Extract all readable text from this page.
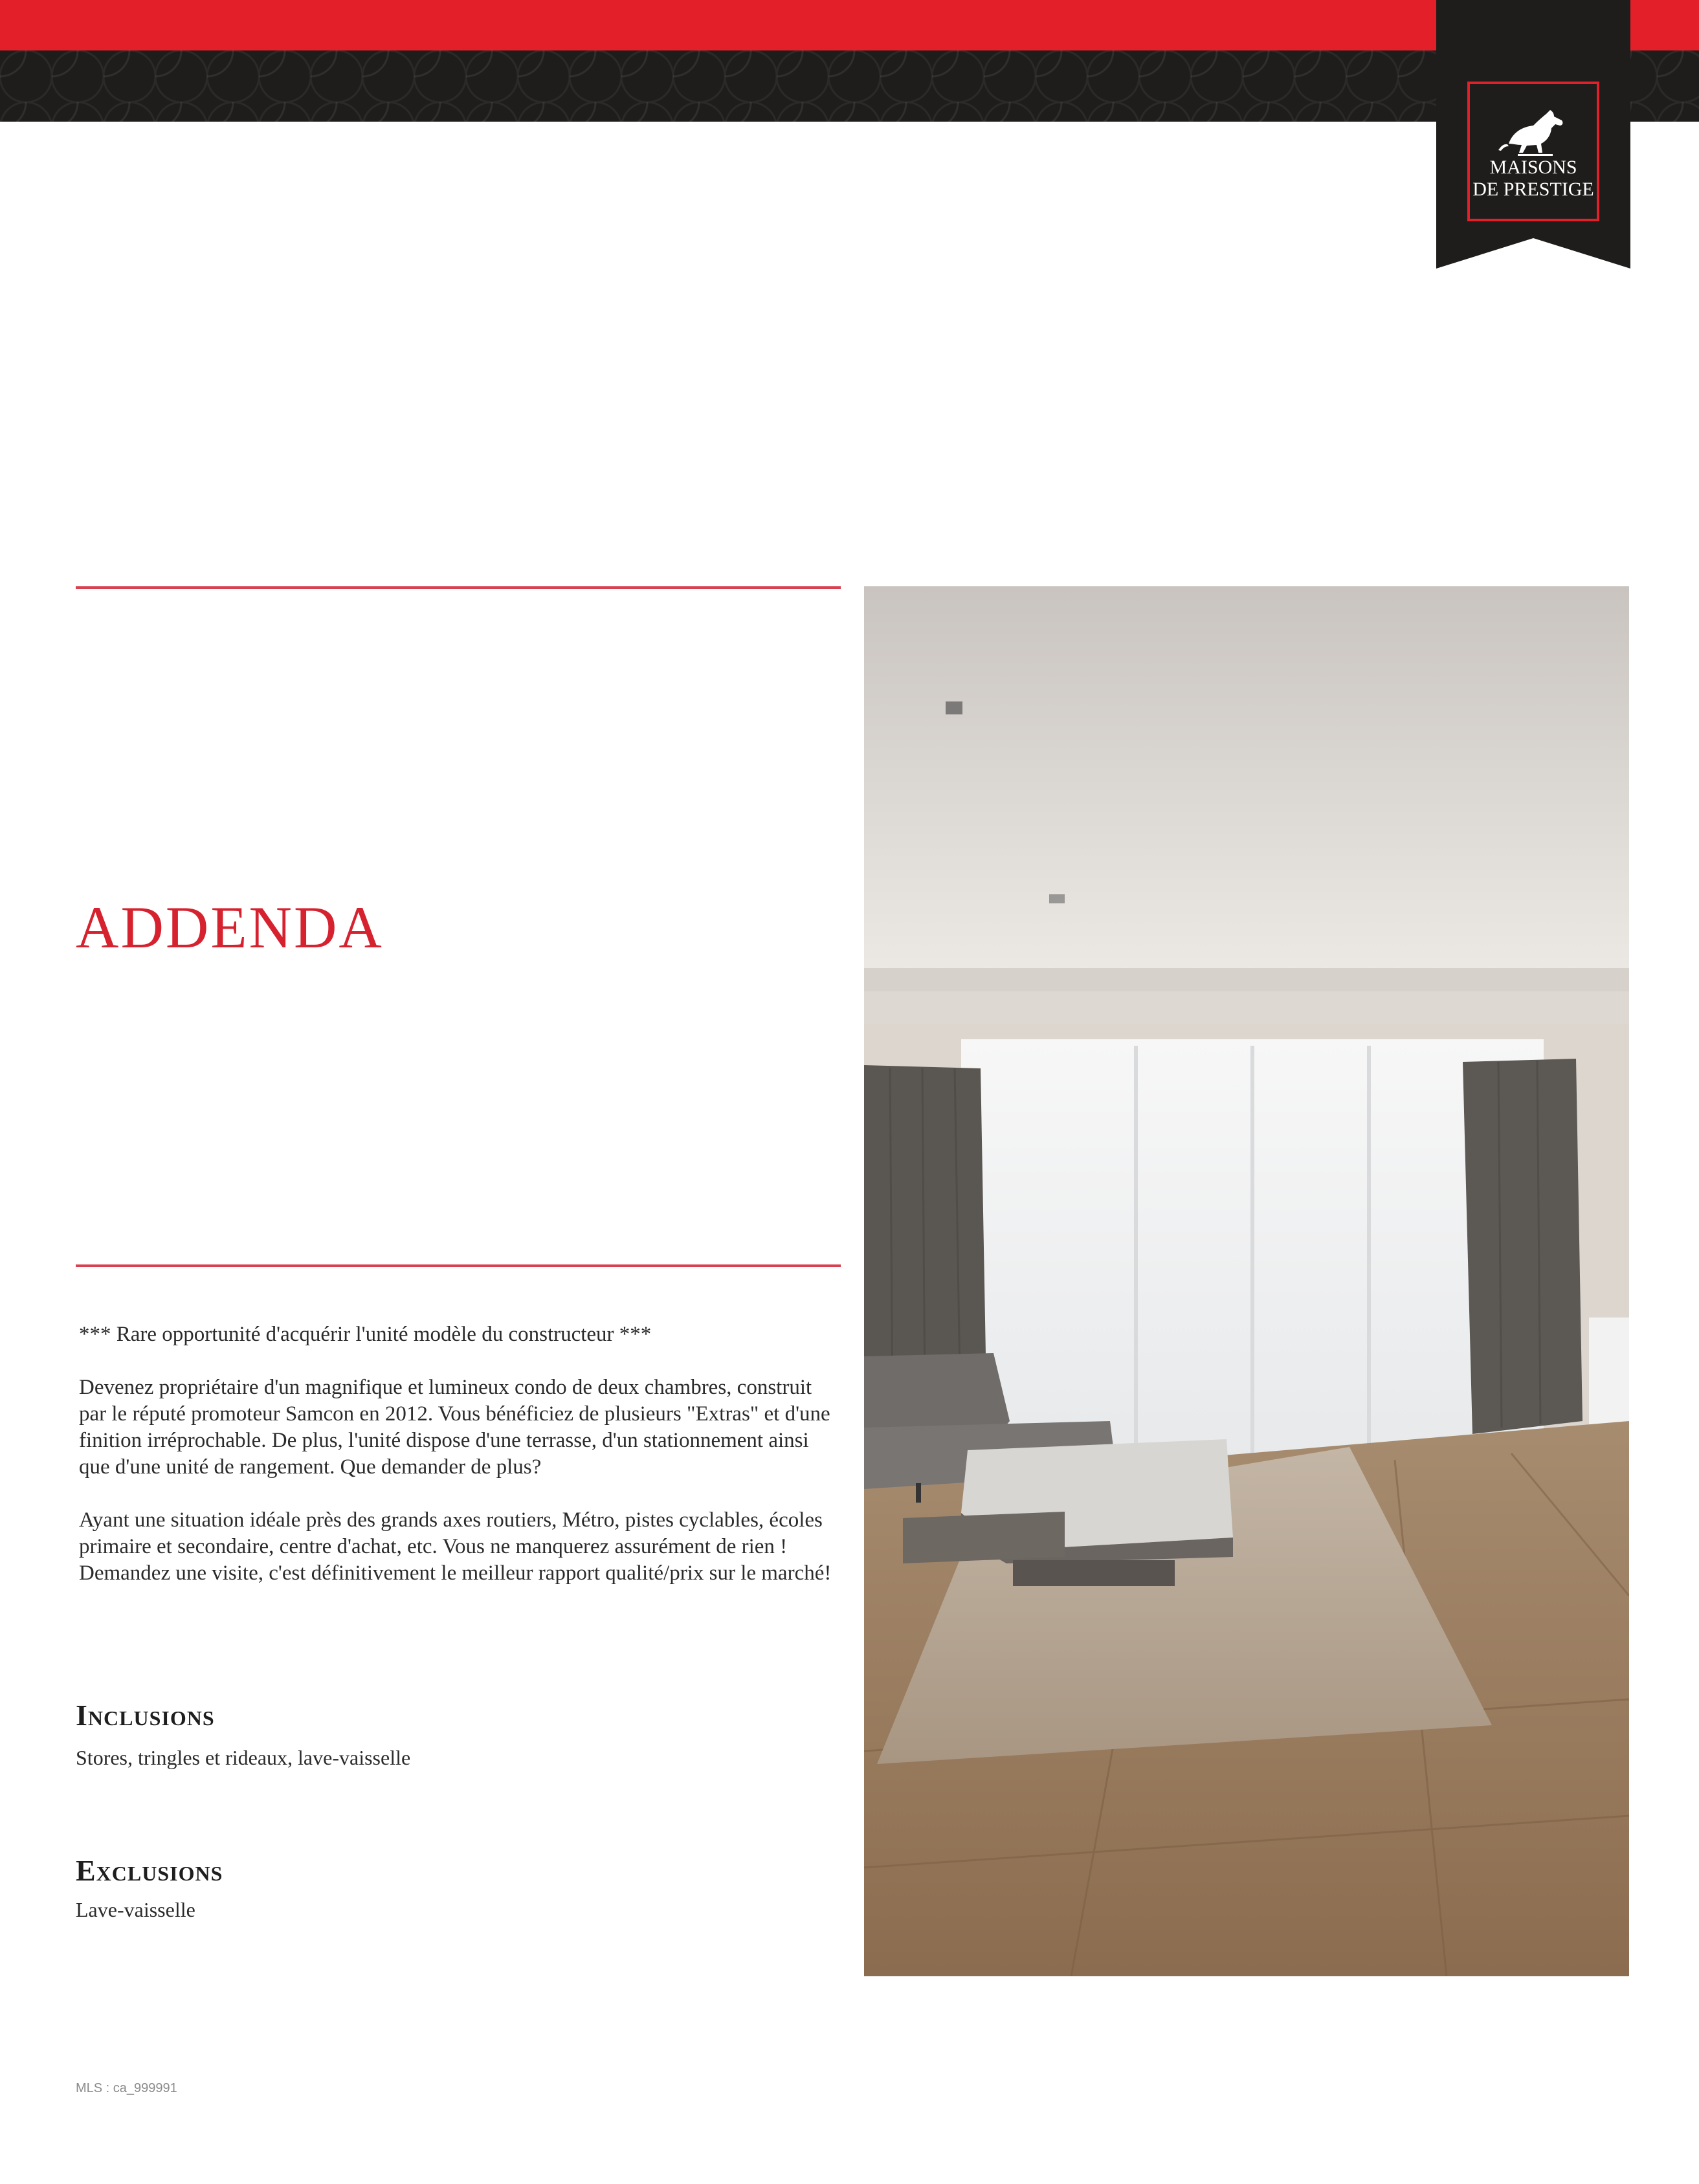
MAISONS
DE PRESTIGE
ADDENDA

*** Rare opportunité d'acquérir l'unité modèle du constructeur ***

Devenez propriétaire d'un magnifique et lumineux condo de deux chambres, construit par le réputé promoteur Samcon en 2012. Vous bénéficiez de plusieurs "Extras" et d'une finition irréprochable. De plus, l'unité dispose d'une terrasse, d'un stationnement ainsi que d'une unité de rangement. Que demander de plus?

Ayant une situation idéale près des grands axes routiers, Métro, pistes cyclables, écoles primaire et secondaire, centre d'achat, etc. Vous ne manquerez assurément de rien ! Demandez une visite, c'est définitivement le meilleur rapport qualité/prix sur le marché!

Inclusions
Stores, tringles et rideaux, lave-vaisselle
Exclusions
Lave-vaisselle
MLS : ca_999991
